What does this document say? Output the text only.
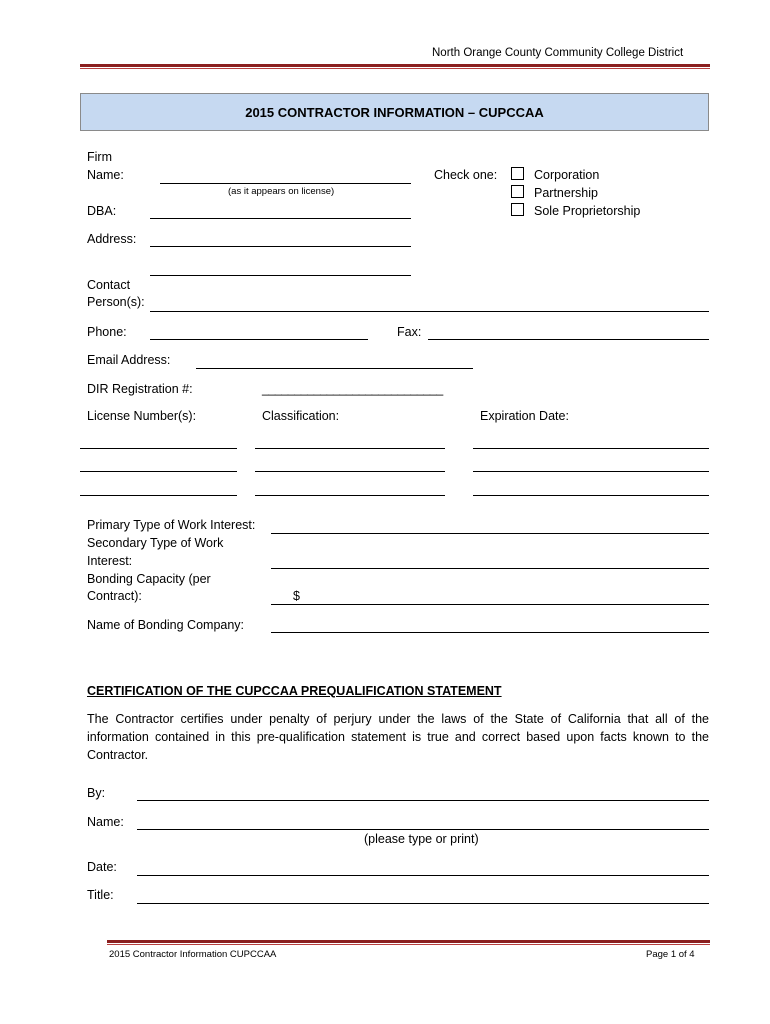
North Orange County Community College District
2015 CONTRACTOR INFORMATION – CUPCCAA
Firm
Name:
(as it appears on license)
Check one:	Corporation
Partnership
Sole Proprietorship
DBA:
Address:
Contact
Person(s):
Phone:	Fax:
Email Address:
DIR Registration #:	____________________________
License Number(s):	Classification:	Expiration Date:
Primary Type of Work Interest:
Secondary Type of Work
Interest:
Bonding Capacity (per
Contract):	$
Name of Bonding Company:
CERTIFICATION OF THE CUPCCAA PREQUALIFICATION STATEMENT
The Contractor certifies under penalty of perjury under the laws of the State of California that all of the information contained in this pre-qualification statement is true and correct based upon facts known to the Contractor.
By:
Name:
(please type or print)
Date:
Title:
2015 Contractor Information CUPCCAA	Page 1 of 4
